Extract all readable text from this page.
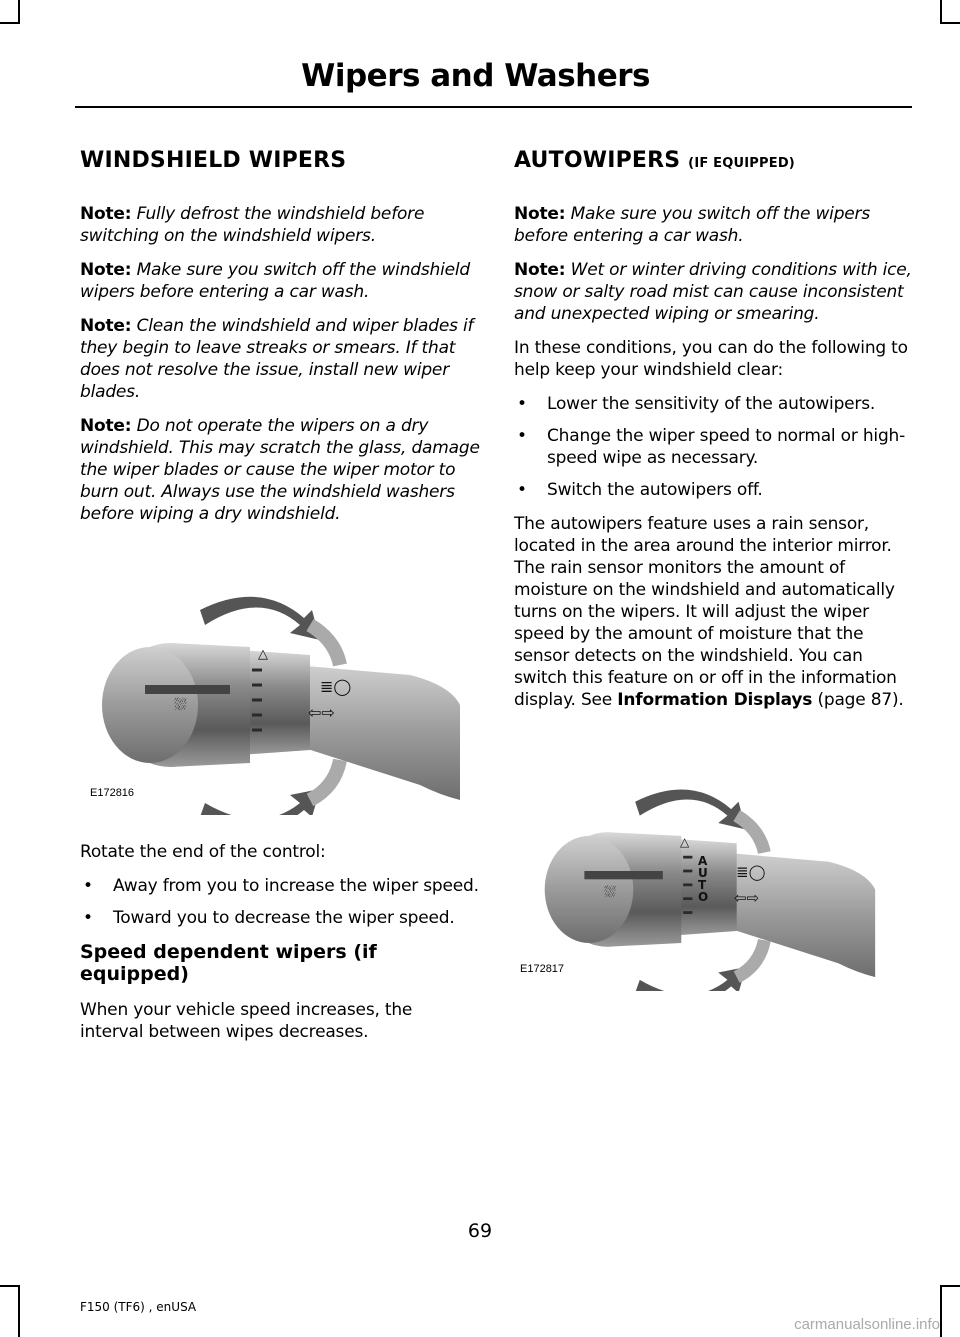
Wipers and Washers
WINDSHIELD WIPERS

Note: Fully defrost the windshield before switching on the windshield wipers.

Note: Make sure you switch off the windshield wipers before entering a car wash.

Note: Clean the windshield and wiper blades if they begin to leave streaks or smears. If that does not resolve the issue, install new wiper blades.

Note: Do not operate the wipers on a dry windshield. This may scratch the glass, damage the wiper blades or cause the wiper motor to burn out. Always use the windshield washers before wiping a dry windshield.

⛆
≣◯
⇦⇨
△
E172816

Rotate the end of the control:

• Away from you to increase the wiper speed.
• Toward you to decrease the wiper speed.
Speed dependent wipers (if equipped)

When your vehicle speed increases, the interval between wipes decreases.

AUTOWIPERS (IF EQUIPPED)

Note: Make sure you switch off the wipers before entering a car wash.

Note: Wet or winter driving conditions with ice, snow or salty road mist can cause inconsistent and unexpected wiping or smearing.

In these conditions, you can do the following to help keep your windshield clear:

• Lower the sensitivity of the autowipers.
• Change the wiper speed to normal or high-speed wipe as necessary.
• Switch the autowipers off.

The autowipers feature uses a rain sensor, located in the area around the interior mirror. The rain sensor monitors the amount of moisture on the windshield and automatically turns on the wipers. It will adjust the wiper speed by the amount of moisture that the sensor detects on the windshield. You can switch this feature on or off in the information display. See Information Displays (page 87).

⛆
≣◯
⇦⇨
△
A
U
T
O
E172817
69
F150 (TF6) , enUSA
carmanualsonline.info
